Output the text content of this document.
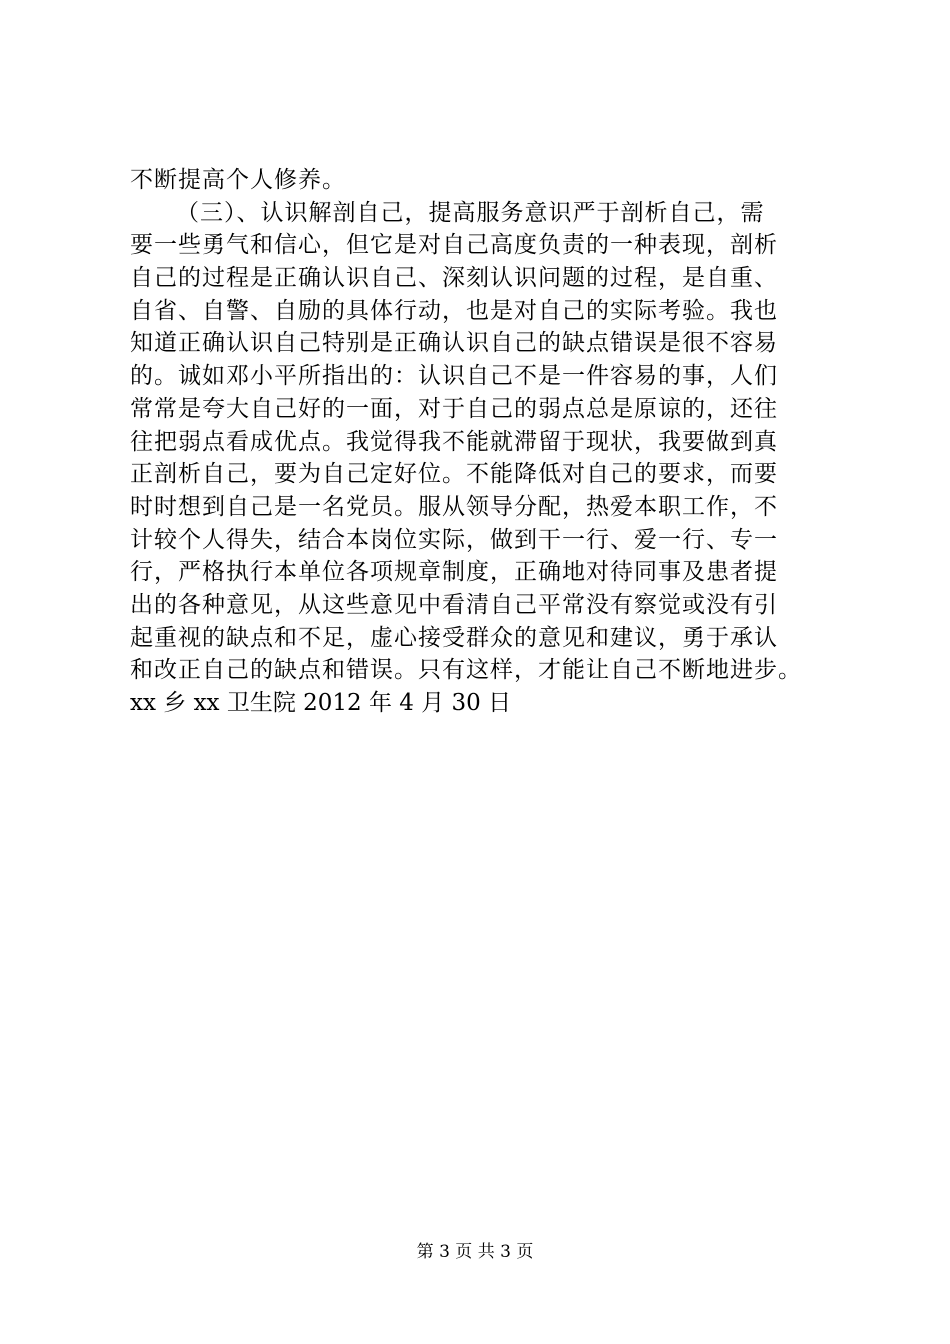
不断提高个人修养。
（三）、认识解剖自己，提高服务意识严于剖析自己，需
要一些勇气和信心，但它是对自己高度负责的一种表现，剖析
自己的过程是正确认识自己、深刻认识问题的过程，是自重、
自省、自警、自励的具体行动，也是对自己的实际考验。我也
知道正确认识自己特别是正确认识自己的缺点错误是很不容易
的。诚如邓小平所指出的：认识自己不是一件容易的事，人们
常常是夸大自己好的一面，对于自己的弱点总是原谅的，还往
往把弱点看成优点。我觉得我不能就滞留于现状，我要做到真
正剖析自己，要为自己定好位。不能降低对自己的要求，而要
时时想到自己是一名党员。服从领导分配，热爱本职工作，不
计较个人得失，结合本岗位实际，做到干一行、爱一行、专一
行，严格执行本单位各项规章制度，正确地对待同事及患者提
出的各种意见，从这些意见中看清自己平常没有察觉或没有引
起重视的缺点和不足，虚心接受群众的意见和建议，勇于承认
和改正自己的缺点和错误。只有这样，才能让自己不断地进步。
xx 乡 xx 卫生院 2012 年 4 月 30 日
第 3 页 共 3 页
